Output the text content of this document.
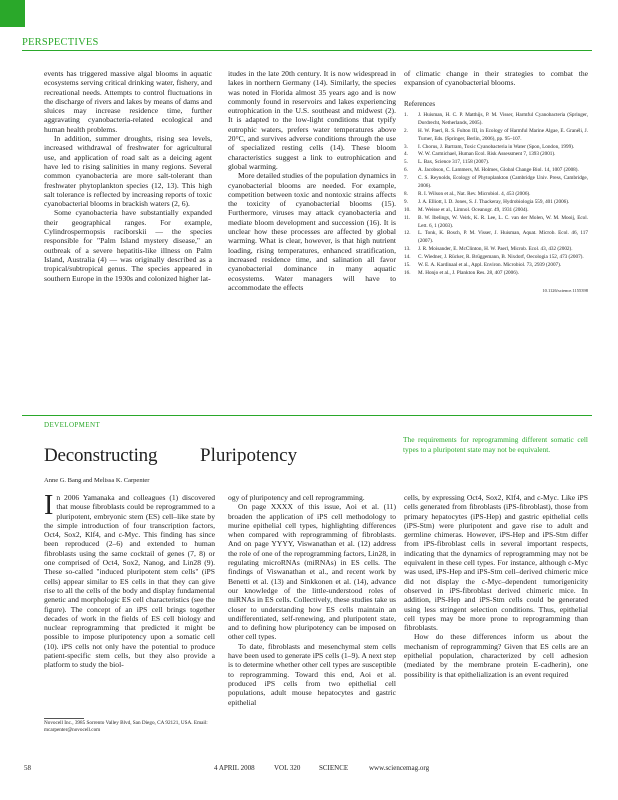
PERSPECTIVES

events has triggered massive algal blooms in aquatic ecosystems serving critical drinking water, fishery, and recreational needs. Attempts to control fluctuations in the discharge of rivers and lakes by means of dams and sluices may increase residence time, further aggravating cyanobacteria-related ecological and human health problems.

In addition, summer droughts, rising sea levels, increased withdrawal of freshwater for agricultural use, and application of road salt as a deicing agent have led to rising salinities in many regions. Several common cyanobacteria are more salt-tolerant than freshwater phytoplankton species (12, 13). This high salt tolerance is reflected by increasing reports of toxic cyanobacterial blooms in brackish waters (2, 6).

Some cyanobacteria have substantially expanded their geographical ranges. For example, Cylindrospermopsis raciborskii — the species responsible for "Palm Island mystery disease," an outbreak of a severe hepatitis-like illness on Palm Island, Australia (4) — was originally described as a tropical/subtropical genus. The species appeared in southern Europe in the 1930s and colonized higher lat-

itudes in the late 20th century. It is now widespread in lakes in northern Germany (14). Similarly, the species was noted in Florida almost 35 years ago and is now commonly found in reservoirs and lakes experiencing eutrophication in the U.S. southeast and midwest (2). It is adapted to the low-light conditions that typify eutrophic waters, prefers water temperatures above 20°C, and survives adverse conditions through the use of specialized resting cells (14). These bloom characteristics suggest a link to eutrophication and global warming.

More detailed studies of the population dynamics in cyanobacterial blooms are needed. For example, competition between toxic and nontoxic strains affects the toxicity of cyanobacterial blooms (15). Furthermore, viruses may attack cyanobacteria and mediate bloom development and succession (16). It is unclear how these processes are affected by global warming. What is clear, however, is that high nutrient loading, rising temperatures, enhanced stratification, increased residence time, and salination all favor cyanobacterial dominance in many aquatic ecosystems. Water managers will have to accommodate the effects

of climatic change in their strategies to combat the expansion of cyanobacterial blooms.

References
1.	J. Huisman, H. C. P. Matthijs, P. M. Visser, Harmful Cyanobacteria (Springer, Dordrecht, Netherlands, 2005).
2.	H. W. Paerl, R. S. Fulton III, in Ecology of Harmful Marine Algae, E. Granéli, J. Turner, Eds. (Springer, Berlin, 2006), pp. 95–107.
3.	I. Chorus, J. Bartram, Toxic Cyanobacteria in Water (Spon, London, 1999).
4.	W. W. Carmichael, Human Ecol. Risk Assessment 7, 1393 (2001).
5.	L. Bax, Science 317, 1158 (2007).
6.	A. Jacobson, C. Lammers, M. Holmes, Global Change Biol. 14, 1007 (2008).
7.	C. S. Reynolds, Ecology of Phytoplankton (Cambridge Univ. Press, Cambridge, 2006).
8.	R. I. Wilson et al., Nat. Rev. Microbiol. 4, 453 (2006).
9.	J. A. Elliott, I. D. Jones, S. J. Thackeray, Hydrobiologia 559, 401 (2006).
10.	M. Weisse et al., Limnol. Oceanogr. 49, 1931 (2004).
11.	B. W. Ibelings, W. Veirk, K. R. Lee, L. C. van der Molen, W. M. Mooij, Ecol. Lett. 6, 1 (2003).
12.	L. Tonk, K. Bosch, P. M. Visser, J. Huisman, Aquat. Microb. Ecol. 46, 117 (2007).
13.	J. R. Moisander, E. McClinton, H. W. Paerl, Microb. Ecol. 43, 432 (2002).
14.	C. Wiedner, J. Rücker, R. Brüggemann, B. Nixdorf, Oecologia 152, 473 (2007).
15.	W. E. A. Kardinaal et al., Appl. Environ. Microbiol. 73, 2939 (2007).
16.	M. Honjo et al., J. Plankton Res. 28, 407 (2006).
10.1126/science.1155398
DEVELOPMENT
Deconstructing Pluripotency
Anne G. Bang and Melissa K. Carpenter
The requirements for reprogramming different somatic cell types to a pluripotent state may not be equivalent.

In 2006 Yamanaka and colleagues (1) discovered that mouse fibroblasts could be reprogrammed to a pluripotent, embryonic stem (ES) cell–like state by the simple introduction of four transcription factors, Oct4, Sox2, Klf4, and c-Myc. This finding has since been reproduced (2–6) and extended to human fibroblasts using the same cocktail of genes (7, 8) or one comprised of Oct4, Sox2, Nanog, and Lin28 (9). These so-called "induced pluripotent stem cells" (iPS cells) appear similar to ES cells in that they can give rise to all the cells of the body and display fundamental genetic and morphologic ES cell characteristics (see the figure). The concept of an iPS cell brings together decades of work in the fields of ES cell biology and nuclear reprogramming that predicted it might be possible to impose pluripotency upon a somatic cell (10). iPS cells not only have the potential to produce patient-specific stem cells, but they also provide a platform to study the biol-

ogy of pluripotency and cell reprogramming.

On page XXXX of this issue, Aoi et al. (11) broaden the application of iPS cell methodology to murine epithelial cell types, highlighting differences when compared with reprogramming of fibroblasts. And on page YYYY, Viswanathan et al. (12) address the role of one of the reprogramming factors, Lin28, in regulating microRNAs (miRNAs) in ES cells. The findings of Viswanathan et al., and recent work by Benetti et al. (13) and Sinkkonen et al. (14), advance our knowledge of the little-understood roles of miRNAs in ES cells. Collectively, these studies take us closer to understanding how ES cells maintain an undifferentiated, self-renewing, and pluripotent state, and to defining how pluripotency can be imposed on other cell types.

To date, fibroblasts and mesenchymal stem cells have been used to generate iPS cells (1–9). A next step is to determine whether other cell types are susceptible to reprogramming. Toward this end, Aoi et al. produced iPS cells from two epithelial cell populations, adult mouse hepatocytes and gastric epithelial

cells, by expressing Oct4, Sox2, Klf4, and c-Myc. Like iPS cells generated from fibroblasts (iPS-fibroblast), those from primary hepatocytes (iPS-Hep) and gastric epithelial cells (iPS-Stm) were pluripotent and gave rise to adult and germline chimeras. However, iPS-Hep and iPS-Stm differ from iPS-fibroblast cells in several important respects, indicating that the dynamics of reprogramming may not be equivalent in these cell types. For instance, although c-Myc was used, iPS-Hep and iPS-Stm cell–derived chimeric mice did not display the c-Myc–dependent tumorigenicity observed in iPS-fibroblast derived chimeric mice. In addition, iPS-Hep and iPS-Stm cells could be generated using less stringent selection conditions. Thus, epithelial cell types may be more prone to reprogramming than fibroblasts.

How do these differences inform us about the mechanism of reprogramming? Given that ES cells are an epithelial population, characterized by cell adhesion (mediated by the membrane protein E-cadherin), one possibility is that epithelialization is an event required

Novocell Inc., 3985 Sorrento Valley Blvd, San Diego, CA 92121, USA. Email: mcarpenter@novocell.com
58	4 APRIL 2008	VOL 320	SCIENCE	www.sciencemag.org
